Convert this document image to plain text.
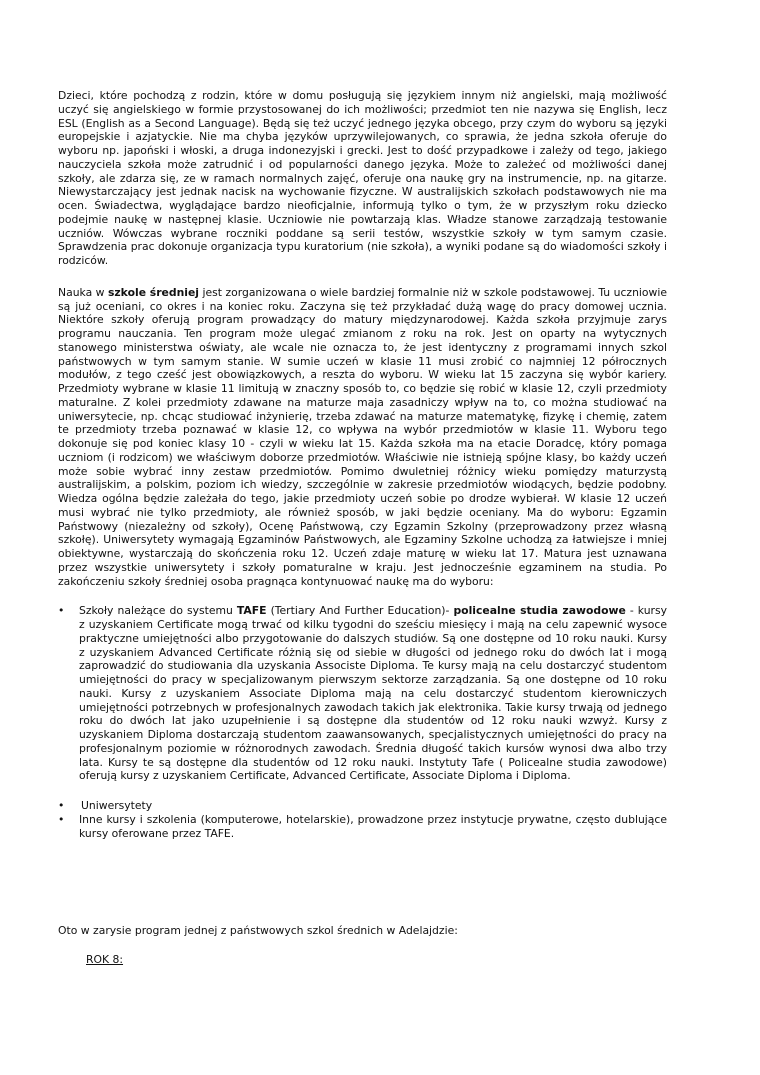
Dzieci, które pochodzą z rodzin, które w domu posługują się językiem innym niż angielski, mają możliwość uczyć się angielskiego w formie przystosowanej do ich możliwości; przedmiot ten nie nazywa się English, lecz ESL (English as a Second Language). Będą się też uczyć jednego języka obcego, przy czym do wyboru są języki europejskie i azjatyckie. Nie ma chyba języków uprzywilejowanych, co sprawia, że jedna szkoła oferuje do wyboru np. japoński i włoski, a druga indonezyjski i grecki. Jest to dość przypadkowe i zależy od tego, jakiego nauczyciela szkoła może zatrudnić i od popularności danego języka. Może to zależeć od możliwości danej szkoły, ale zdarza się, ze w ramach normalnych zajęć, oferuje ona naukę gry na instrumencie, np. na gitarze. Niewystarczający jest jednak nacisk na wychowanie fizyczne. W australijskich szkołach podstawowych nie ma ocen. Świadectwa, wyglądające bardzo nieoficjalnie, informują tylko o tym, że w przyszłym roku dziecko podejmie naukę w następnej klasie. Uczniowie nie powtarzają klas. Władze stanowe zarządzają testowanie uczniów. Wówczas wybrane roczniki poddane są serii testów, wszystkie szkoły w tym samym czasie. Sprawdzenia prac dokonuje organizacja typu kuratorium (nie szkoła), a wyniki podane są do wiadomości szkoły i rodziców.

Nauka w szkole średniej jest zorganizowana o wiele bardziej formalnie niż w szkole podstawowej. Tu uczniowie są już oceniani, co okres i na koniec roku. Zaczyna się też przykładać dużą wagę do pracy domowej ucznia. Niektóre szkoły oferują program prowadzący do matury międzynarodowej. Każda szkoła przyjmuje zarys programu nauczania. Ten program może ulegać zmianom z roku na rok. Jest on oparty na wytycznych stanowego ministerstwa oświaty, ale wcale nie oznacza to, że jest identyczny z programami innych szkol państwowych w tym samym stanie. W sumie uczeń w klasie 11 musi zrobić co najmniej 12 półrocznych modułów, z tego cześć jest obowiązkowych, a reszta do wyboru. W wieku lat 15 zaczyna się wybór kariery. Przedmioty wybrane w klasie 11 limitują w znaczny sposób to, co będzie się robić w klasie 12, czyli przedmioty maturalne. Z kolei przedmioty zdawane na maturze maja zasadniczy wpływ na to, co można studiować na uniwersytecie, np. chcąc studiować inżynierię, trzeba zdawać na maturze matematykę, fizykę i chemię, zatem te przedmioty trzeba poznawać w klasie 12, co wpływa na wybór przedmiotów w klasie 11. Wyboru tego dokonuje się pod koniec klasy 10 - czyli w wieku lat 15. Każda szkoła ma na etacie Doradcę, który pomaga uczniom (i rodzicom) we właściwym doborze przedmiotów. Właściwie nie istnieją spójne klasy, bo każdy uczeń może sobie wybrać inny zestaw przedmiotów. Pomimo dwuletniej różnicy wieku pomiędzy maturzystą australijskim, a polskim, poziom ich wiedzy, szczególnie w zakresie przedmiotów wiodących, będzie podobny. Wiedza ogólna będzie zależała do tego, jakie przedmioty uczeń sobie po drodze wybierał. W klasie 12 uczeń musi wybrać nie tylko przedmioty, ale również sposób, w jaki będzie oceniany. Ma do wyboru: Egzamin Państwowy (niezależny od szkoły), Ocenę Państwową, czy Egzamin Szkolny (przeprowadzony przez własną szkołę). Uniwersytety wymagają Egzaminów Państwowych, ale Egzaminy Szkolne uchodzą za łatwiejsze i mniej obiektywne, wystarczają do skończenia roku 12. Uczeń zdaje maturę w wieku lat 17. Matura jest uznawana przez wszystkie uniwersytety i szkoły pomaturalne w kraju. Jest jednocześnie egzaminem na studia. Po zakończeniu szkoły średniej osoba pragnąca kontynuować naukę ma do wyboru:

•	Szkoły należące do systemu TAFE (Tertiary And Further Education)- policealne studia zawodowe - kursy z uzyskaniem Certificate mogą trwać od kilku tygodni do sześciu miesięcy i mają na celu zapewnić wysoce praktyczne umiejętności albo przygotowanie do dalszych studiów. Są one dostępne od 10 roku nauki. Kursy z uzyskaniem Advanced Certificate różnią się od siebie w długości od jednego roku do dwóch lat i mogą zaprowadzić do studiowania dla uzyskania Associste Diploma. Te kursy mają na celu dostarczyć studentom umiejętności do pracy w specjalizowanym pierwszym sektorze zarządzania. Są one dostępne od 10 roku nauki. Kursy z uzyskaniem Associate Diploma mają na celu dostarczyć studentom kierowniczych umiejętności potrzebnych w profesjonalnych zawodach takich jak elektronika. Takie kursy trwają od jednego roku do dwóch lat jako uzupełnienie i są dostępne dla studentów od 12 roku nauki wzwyż. Kursy z uzyskaniem Diploma dostarczają studentom zaawansowanych, specjalistycznych umiejętności do pracy na profesjonalnym poziomie w różnorodnych zawodach. Średnia długość takich kursów wynosi dwa albo trzy lata. Kursy te są dostępne dla studentów od 12 roku nauki. Instytuty Tafe ( Policealne studia zawodowe) oferują kursy z uzyskaniem Certificate, Advanced Certificate, Associate Diploma i Diploma.
•	Uniwersytety
•	Inne kursy i szkolenia (komputerowe, hotelarskie), prowadzone przez instytucje prywatne, często dublujące kursy oferowane przez TAFE.

Oto w zarysie program jednej z państwowych szkol średnich w Adelajdzie:

ROK 8:
